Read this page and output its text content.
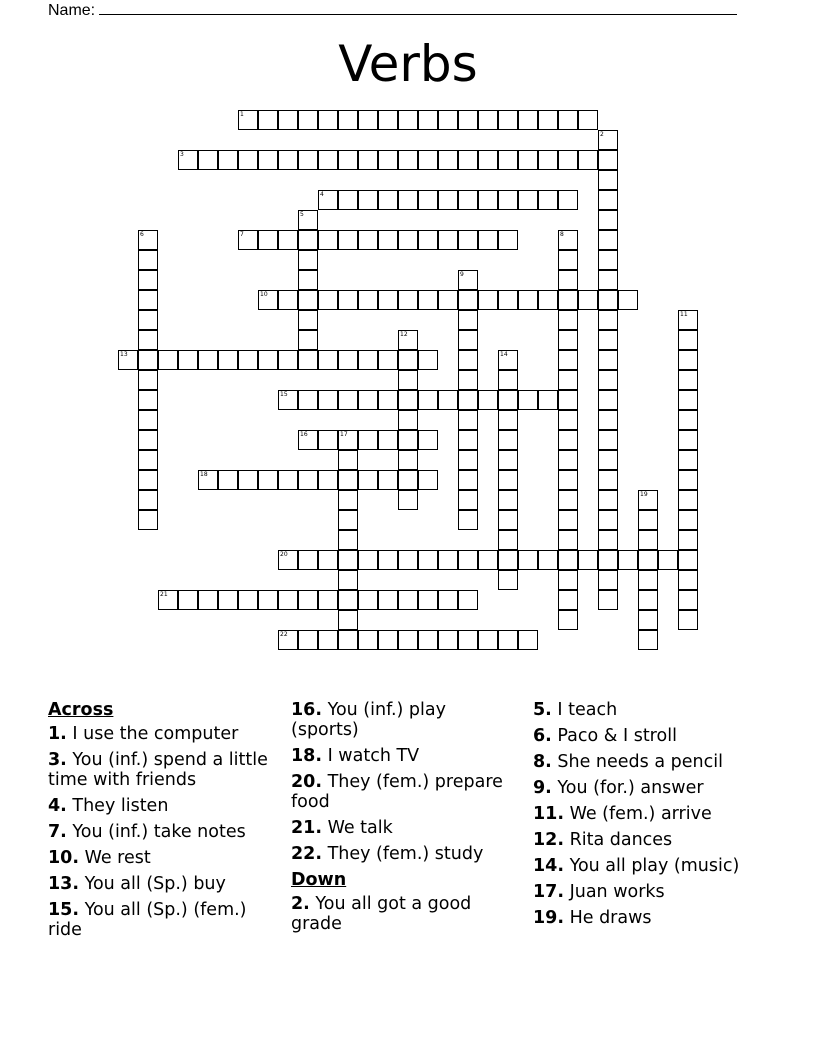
Name:
Verbs
1
2
3
4
5
6	7	8
9
10
11
12
13	14
15
16	17
18
19
20
21
22
Across
1. I use the computer
3. You (inf.) spend a little time with friends
4. They listen
7. You (inf.) take notes
10. We rest
13. You all (Sp.) buy
15. You all (Sp.) (fem.) ride
16. You (inf.) play (sports)
18. I watch TV
20. They (fem.) prepare food
21. We talk
22. They (fem.) study
Down
2. You all got a good grade
5. I teach
6. Paco & I stroll
8. She needs a pencil
9. You (for.) answer
11. We (fem.) arrive
12. Rita dances
14. You all play (music)
17. Juan works
19. He draws
